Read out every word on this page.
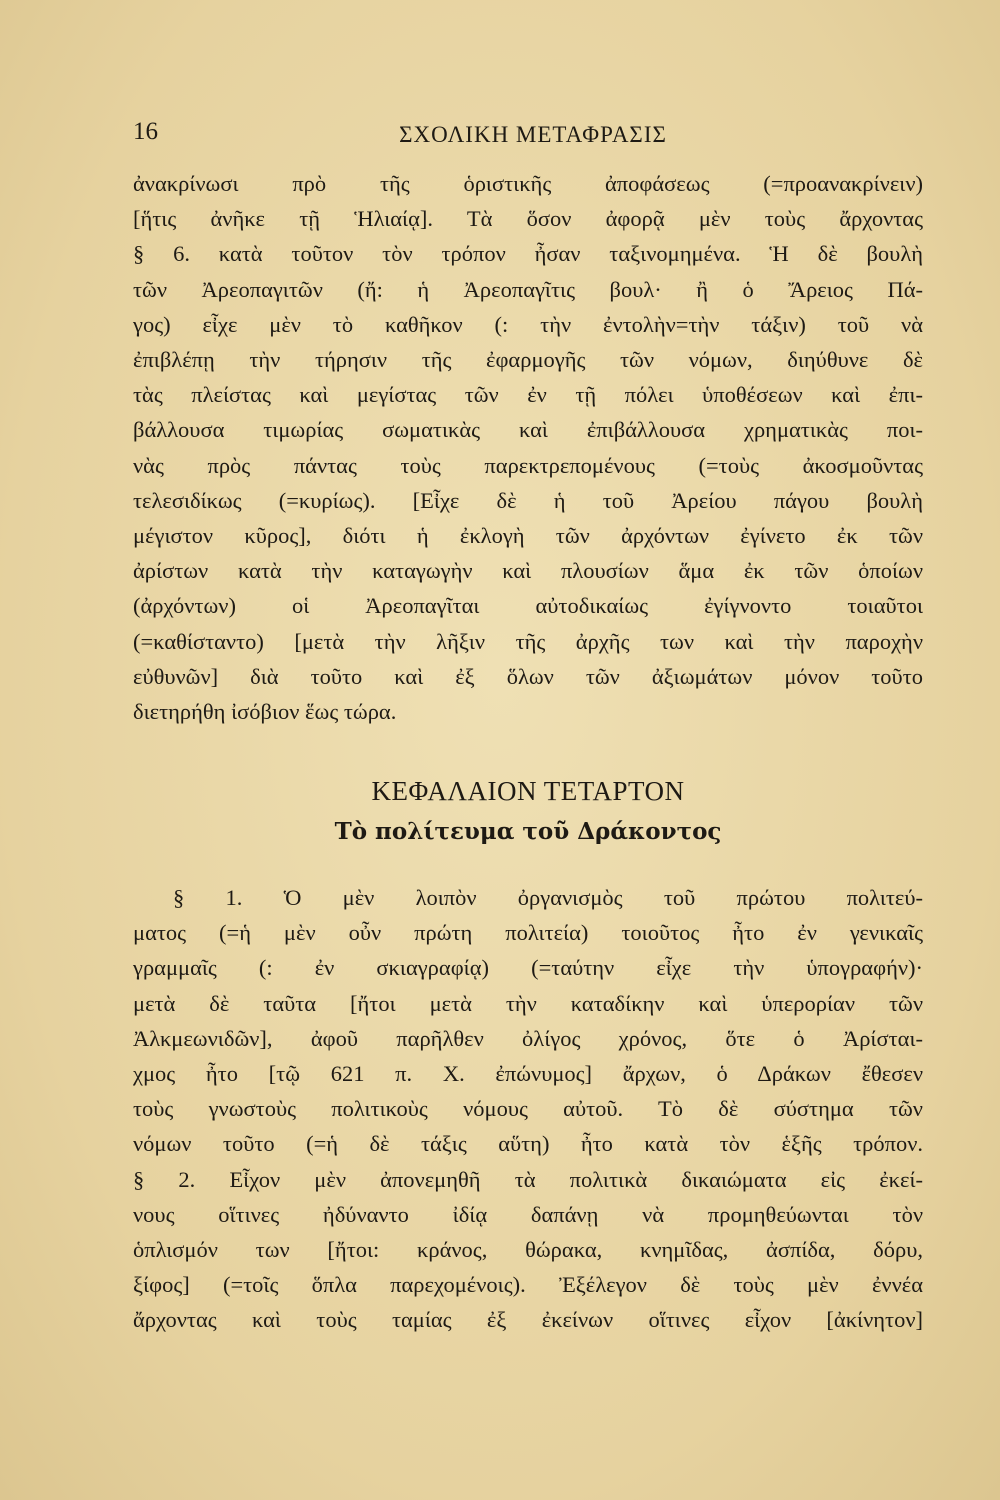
16	ΣΧΟΛΙΚΗ ΜΕΤΑΦΡΑΣΙΣ
ἀνακρίνωσι πρὸ τῆς ὁριστικῆς ἀποφάσεως (=προανακρίνειν)
[ἥτις ἀνῆκε τῇ Ἡλιαίᾳ]. Τὰ ὅσον ἀφορᾷ μὲν τοὺς ἄρχοντας
§ 6. κατὰ τοῦτον τὸν τρόπον ἦσαν ταξινομημένα. Ἡ δὲ βουλὴ
τῶν Ἀρεοπαγιτῶν (ἤ: ἡ Ἀρεοπαγῖτις βουλ· ἢ ὁ Ἄρειος Πά-
γος) εἶχε μὲν τὸ καθῆκον (: τὴν ἐντολὴν=τὴν τάξιν) τοῦ νὰ
ἐπιβλέπῃ τὴν τήρησιν τῆς ἐφαρμογῆς τῶν νόμων, διηύθυνε δὲ
τὰς πλείστας καὶ μεγίστας τῶν ἐν τῇ πόλει ὑποθέσεων καὶ ἐπι-
βάλλουσα τιμωρίας σωματικὰς καὶ ἐπιβάλλουσα χρηματικὰς ποι-
νὰς πρὸς πάντας τοὺς παρεκτρεπομένους (=τοὺς ἀκοσμοῦντας
τελεσιδίκως (=κυρίως). [Εἶχε δὲ ἡ τοῦ Ἀρείου πάγου βουλὴ
μέγιστον κῦρος], διότι ἡ ἐκλογὴ τῶν ἀρχόντων ἐγίνετο ἐκ τῶν
ἀρίστων κατὰ τὴν καταγωγὴν καὶ πλουσίων ἅμα ἐκ τῶν ὁποίων
(ἀρχόντων) οἱ Ἀρεοπαγῖται αὐτοδικαίως ἐγίγνοντο τοιαῦτοι
(=καθίσταντο) [μετὰ τὴν λῆξιν τῆς ἀρχῆς των καὶ τὴν παροχὴν
εὐθυνῶν] διὰ τοῦτο καὶ ἐξ ὅλων τῶν ἀξιωμάτων μόνον τοῦτο
διετηρήθη ἰσόβιον ἕως τώρα.
ΚΕΦΑΛΑΙΟΝ ΤΕΤΑΡΤΟΝ
Τὸ πολίτευμα τοῦ Δράκοντος
§ 1. Ὁ μὲν λοιπὸν ὀργανισμὸς τοῦ πρώτου πολιτεύ-
ματος (=ἡ μὲν οὖν πρώτη πολιτεία) τοιοῦτος ἦτο ἐν γενικαῖς
γραμμαῖς (: ἐν σκιαγραφίᾳ) (=ταύτην εἶχε τὴν ὑπογραφήν)·
μετὰ δὲ ταῦτα [ἤτοι μετὰ τὴν καταδίκην καὶ ὑπερορίαν τῶν
Ἀλκμεωνιδῶν], ἀφοῦ παρῆλθεν ὀλίγος χρόνος, ὅτε ὁ Ἀρίσται-
χμος ἦτο [τῷ 621 π. Χ. ἐπώνυμος] ἄρχων, ὁ Δράκων ἔθεσεν
τοὺς γνωστοὺς πολιτικοὺς νόμους αὐτοῦ. Τὸ δὲ σύστημα τῶν
νόμων τοῦτο (=ἡ δὲ τάξις αὕτη) ἦτο κατὰ τὸν ἑξῆς τρόπον.
§ 2. Εἶχον μὲν ἀπονεμηθῆ τὰ πολιτικὰ δικαιώματα εἰς ἐκεί-
νους οἵτινες ἠδύναντο ἰδίᾳ δαπάνῃ νὰ προμηθεύωνται τὸν
ὁπλισμόν των [ἤτοι: κράνος, θώρακα, κνημῖδας, ἀσπίδα, δόρυ,
ξίφος] (=τοῖς ὅπλα παρεχομένοις). Ἐξέλεγον δὲ τοὺς μὲν ἐννέα
ἄρχοντας καὶ τοὺς ταμίας ἐξ ἐκείνων οἵτινες εἶχον [ἀκίνητον]
